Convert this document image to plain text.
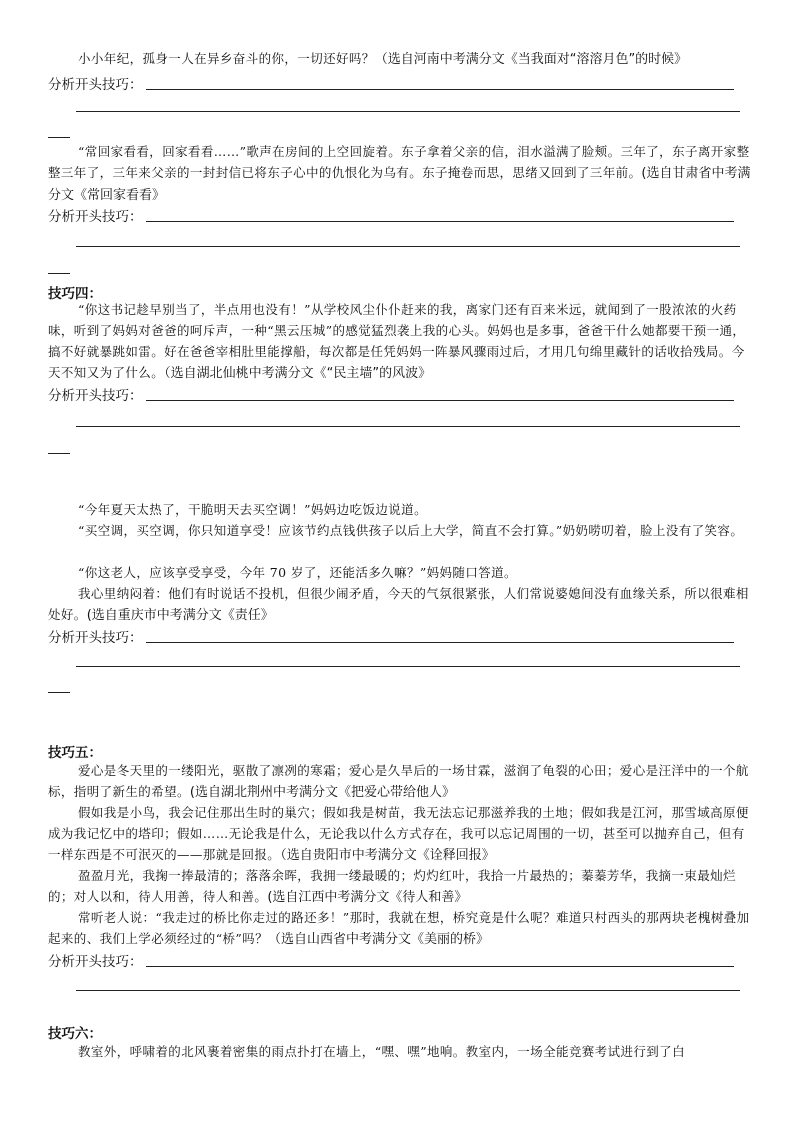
小小年纪，孤身一人在异乡奋斗的你，一切还好吗？（选自河南中考满分文《当我面对“溶溶月色”的时候》

分析开头技巧：

“常回家看看，回家看看……”歌声在房间的上空回旋着。东子拿着父亲的信，泪水溢满了脸颊。三年了，东子离开家整整三年了，三年来父亲的一封封信已将东子心中的仇恨化为乌有。东子掩卷而思，思绪又回到了三年前。(选自甘肃省中考满分文《常回家看看》

分析开头技巧：
技巧四：

“你这书记趁早别当了，半点用也没有！”从学校风尘仆仆赶来的我，离家门还有百来米远，就闻到了一股浓浓的火药味，听到了妈妈对爸爸的呵斥声，一种“黑云压城”的感觉猛烈袭上我的心头。妈妈也是多事，爸爸干什么她都要干预一通，搞不好就暴跳如雷。好在爸爸宰相肚里能撑船，每次都是任凭妈妈一阵暴风骤雨过后，才用几句绵里藏针的话收拾残局。今天不知又为了什么。（选自湖北仙桃中考满分文《“民主墙”的风波》

分析开头技巧：

“今年夏天太热了，干脆明天去买空调！”妈妈边吃饭边说道。

“买空调，买空调，你只知道享受！应该节约点钱供孩子以后上大学，简直不会打算。”奶奶唠叨着，脸上没有了笑容。

“你这老人，应该享受享受，今年 70 岁了，还能活多久嘛？”妈妈随口答道。

我心里纳闷着：他们有时说话不投机，但很少闹矛盾，今天的气氛很紧张，人们常说婆媳间没有血缘关系，所以很难相处好。(选自重庆市中考满分文《责任》

分析开头技巧：
技巧五：

爱心是冬天里的一缕阳光，驱散了凛冽的寒霜；爱心是久旱后的一场甘霖，滋润了龟裂的心田；爱心是汪洋中的一个航标，指明了新生的希望。(选自湖北荆州中考满分文《把爱心带给他人》

假如我是小鸟，我会记住那出生时的巢穴；假如我是树苗，我无法忘记那滋养我的土地；假如我是江河，那雪域高原便成为我记忆中的塔印；假如……无论我是什么，无论我以什么方式存在，我可以忘记周围的一切，甚至可以抛弃自己，但有一样东西是不可泯灭的——那就是回报。（选自贵阳市中考满分文《诠释回报》

盈盈月光，我掬一捧最清的；落落余晖，我拥一缕最暖的；灼灼红叶，我拾一片最热的；蓁蓁芳华，我摘一束最灿烂的；对人以和，待人用善，待人和善。(选自江西中考满分文《待人和善》

常听老人说：“我走过的桥比你走过的路还多！”那时，我就在想，桥究竟是什么呢？难道只村西头的那两块老槐树叠加起来的、我们上学必须经过的“桥”吗？（选自山西省中考满分文《美丽的桥》

分析开头技巧：
技巧六：

教室外，呼啸着的北风裹着密集的雨点扑打在墙上，“嘿、嘿”地响。教室内，一场全能竞赛考试进行到了白
